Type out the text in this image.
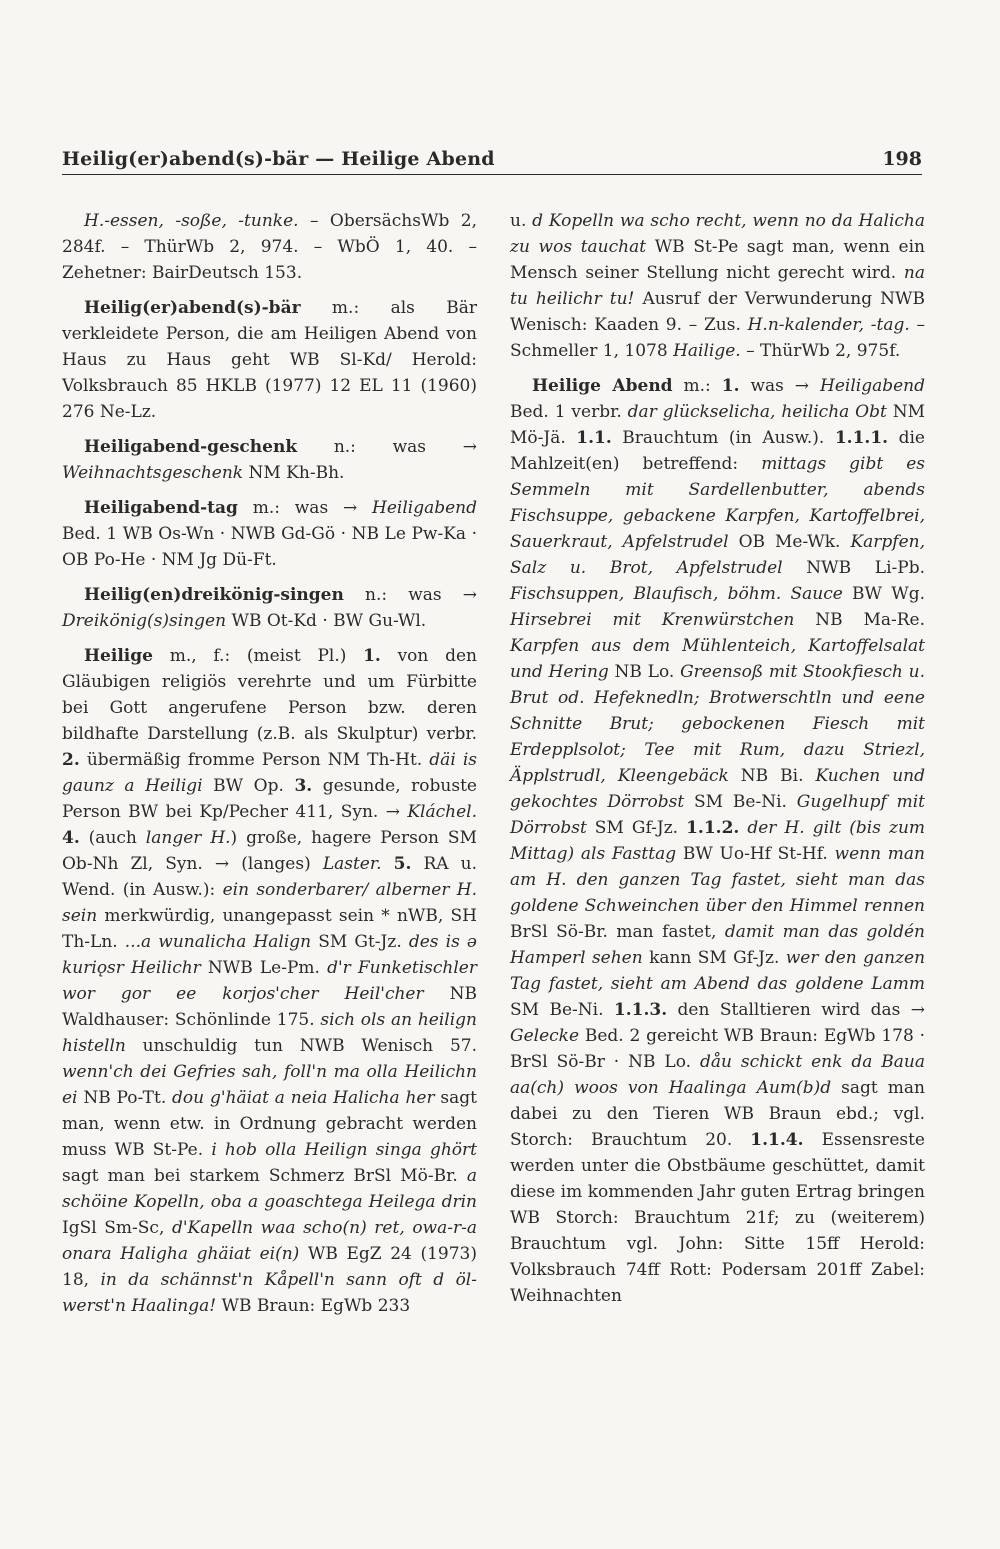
Heilig(er)abend(s)-bär — Heilige Abend	198

H.-essen, -soße, -tunke. – ObersächsWb 2, 284f. – ThürWb 2, 974. – WbÖ 1, 40. – Zehetner: BairDeutsch 153.

Heilig(er)abend(s)-bär m.: als Bär verkleidete Person, die am Heiligen Abend von Haus zu Haus geht WB Sl-Kd/ Herold: Volksbrauch 85 HKLB (1977) 12 EL 11 (1960) 276 Ne-Lz.

Heiligabend-geschenk n.: was → Weihnachtsgeschenk NM Kh-Bh.

Heiligabend-tag m.: was → Heiligabend Bed. 1 WB Os-Wn · NWB Gd-Gö · NB Le Pw-Ka · OB Po-He · NM Jg Dü-Ft.

Heilig(en)dreikönig-singen n.: was → Dreikönig(s)singen WB Ot-Kd · BW Gu-Wl.

Heilige m., f.: (meist Pl.) 1. von den Gläubigen religiös verehrte und um Fürbitte bei Gott angerufene Person bzw. deren bildhafte Darstellung (z.B. als Skulptur) verbr. 2. übermäßig fromme Person NM Th-Ht. däi is gaunz a Heiligi BW Op. 3. gesunde, robuste Person BW bei Kp/Pecher 411, Syn. → Kláchel. 4. (auch langer H.) große, hagere Person SM Ob-Nh Zl, Syn. → (langes) Laster. 5. RA u. Wend. (in Ausw.): ein sonderbarer/ alberner H. sein merkwürdig, unangepasst sein * nWB, SH Th-Ln. ...a wunalicha Halign SM Gt-Jz. des is ə kuriǫsr Heilichr NWB Le-Pm. d'r Funketischler wor gor ee korjos'cher Heil'cher NB Waldhauser: Schönlinde 175. sich ols an heilign histelln unschuldig tun NWB Wenisch 57. wenn'ch dei Gefries sah, foll'n ma olla Heilichn ei NB Po-Tt. dou g'häiat a neia Halicha her sagt man, wenn etw. in Ordnung gebracht werden muss WB St-Pe. i hob olla Heilign singa ghört sagt man bei starkem Schmerz BrSl Mö-Br. a schöine Kopelln, oba a goaschtega Heilega drin IgSl Sm-Sc, d'Kapelln waa scho(n) ret, owa-r-a onara Haligha ghäiat ei(n) WB EgZ 24 (1973) 18, in da schännst'n Kåpell'n sann oft d öl-werst'n Haalinga! WB Braun: EgWb 233

u. d Kopelln wa scho recht, wenn no da Halicha zu wos tauchat WB St-Pe sagt man, wenn ein Mensch seiner Stellung nicht gerecht wird. na tu heilichr tu! Ausruf der Verwunderung NWB Wenisch: Kaaden 9. – Zus. H.n-kalender, -tag. – Schmeller 1, 1078 Hailige. – ThürWb 2, 975f.

Heilige Abend m.: 1. was → Heiligabend Bed. 1 verbr. dar glückselicha, heilicha Obt NM Mö-Jä. 1.1. Brauchtum (in Ausw.). 1.1.1. die Mahlzeit(en) betreffend: mittags gibt es Semmeln mit Sardellenbutter, abends Fischsuppe, gebackene Karpfen, Kartoffelbrei, Sauerkraut, Apfelstrudel OB Me-Wk. Karpfen, Salz u. Brot, Apfelstrudel NWB Li-Pb. Fischsuppen, Blaufisch, böhm. Sauce BW Wg. Hirsebrei mit Krenwürstchen NB Ma-Re. Karpfen aus dem Mühlenteich, Kartoffelsalat und Hering NB Lo. Greensoß mit Stookfiesch u. Brut od. Hefeknedln; Brotwerschtln und eene Schnitte Brut; gebockenen Fiesch mit Erdepplsolot; Tee mit Rum, dazu Striezl, Äpplstrudl, Kleengebäck NB Bi. Kuchen und gekochtes Dörrobst SM Be-Ni. Gugelhupf mit Dörrobst SM Gf-Jz. 1.1.2. der H. gilt (bis zum Mittag) als Fasttag BW Uo-Hf St-Hf. wenn man am H. den ganzen Tag fastet, sieht man das goldene Schweinchen über den Himmel rennen BrSl Sö-Br. man fastet, damit man das goldén Hamperl sehen kann SM Gf-Jz. wer den ganzen Tag fastet, sieht am Abend das goldene Lamm SM Be-Ni. 1.1.3. den Stalltieren wird das → Gelecke Bed. 2 gereicht WB Braun: EgWb 178 · BrSl Sö-Br · NB Lo. dåu schickt enk da Baua aa(ch) woos von Haalinga Aum(b)d sagt man dabei zu den Tieren WB Braun ebd.; vgl. Storch: Brauchtum 20. 1.1.4. Essensreste werden unter die Obstbäume geschüttet, damit diese im kommenden Jahr guten Ertrag bringen WB Storch: Brauchtum 21f; zu (weiterem) Brauchtum vgl. John: Sitte 15ff Herold: Volksbrauch 74ff Rott: Podersam 201ff Zabel: Weihnachten
